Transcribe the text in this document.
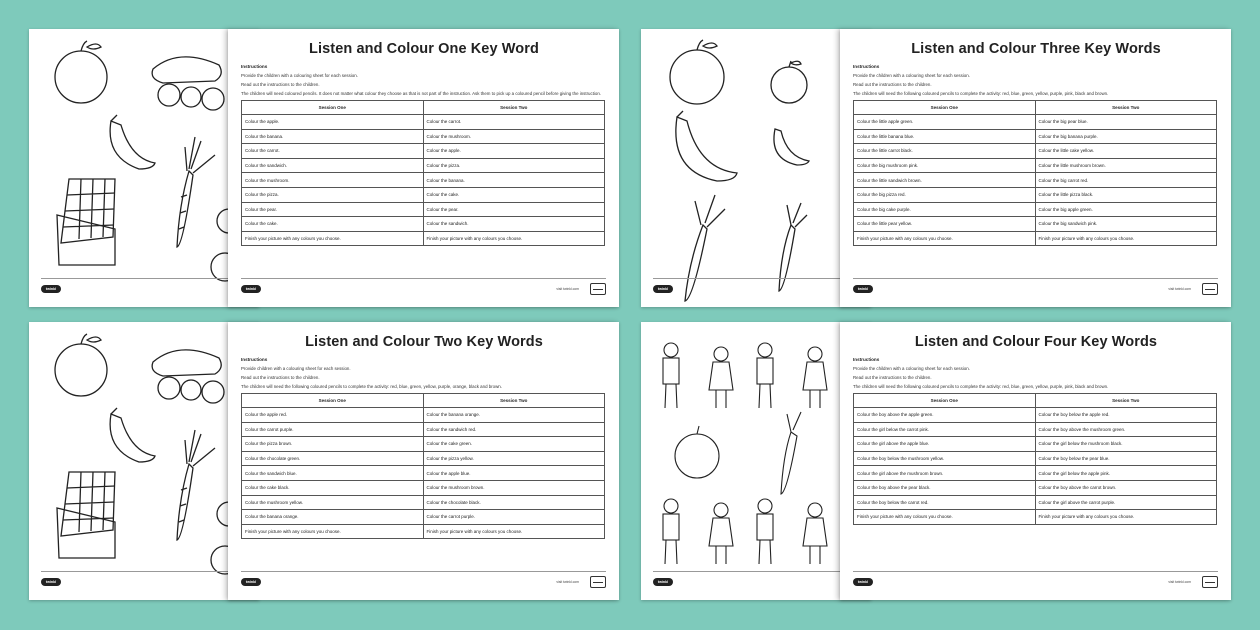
twinkl
Listen and Colour One Key Word
Instructions
Provide the children with a colouring sheet for each session.
Read out the instructions to the children.
The children will need coloured pencils. It does not matter what colour they choose as that is not part of the instruction. Ask them to pick up a coloured pencil before giving the instruction.
Session One	Session Two
Colour the apple.	Colour the carrot.
Colour the banana.	Colour the mushroom.
Colour the carrot.	Colour the apple.
Colour the sandwich.	Colour the pizza.
Colour the mushroom.	Colour the banana.
Colour the pizza.	Colour the cake.
Colour the pear.	Colour the pear.
Colour the cake.	Colour the sandwich.
Finish your picture with any colours you choose.	Finish your picture with any colours you choose.
twinkl	visit twinkl.com	twinkl
Listen and Colour Three Key Words
Instructions
Provide the children with a colouring sheet for each session.
Read out the instructions to the children.
The children will need the following coloured pencils to complete the activity: red, blue, green, yellow, purple, pink, black and brown.
Session One	Session Two
Colour the little apple green.	Colour the big pear blue.
Colour the little banana blue.	Colour the big banana purple.
Colour the little carrot black.	Colour the little cake yellow.
Colour the big mushroom pink.	Colour the little mushroom brown.
Colour the little sandwich brown.	Colour the big carrot red.
Colour the big pizza red.	Colour the little pizza black.
Colour the big cake purple.	Colour the big apple green.
Colour the little pear yellow.	Colour the big sandwich pink.
Finish your picture with any colours you choose.	Finish your picture with any colours you choose.
twinkl	visit twinkl.com
twinkl
Listen and Colour Two Key Words
Instructions
Provide children with a colouring sheet for each session.
Read out the instructions to the children.
The children will need the following coloured pencils to complete the activity: red, blue, green, yellow, purple, orange, black and brown.
Session One	Session Two
Colour the apple red.	Colour the banana orange.
Colour the carrot purple.	Colour the sandwich red.
Colour the pizza brown.	Colour the cake green.
Colour the chocolate green.	Colour the pizza yellow.
Colour the sandwich blue.	Colour the apple blue.
Colour the cake black.	Colour the mushroom brown.
Colour the mushroom yellow.	Colour the chocolate black.
Colour the banana orange.	Colour the carrot purple.
Finish your picture with any colours you choose.	Finish your picture with any colours you choose.
twinkl	visit twinkl.com	twinkl
Listen and Colour Four Key Words
Instructions
Provide the children with a colouring sheet for each session.
Read out the instructions to the children.
The children will need the following coloured pencils to complete the activity: red, blue, green, yellow, purple, pink, black and brown.
Session One	Session Two
Colour the boy above the apple green.	Colour the boy below the apple red.
Colour the girl below the carrot pink.	Colour the boy above the mushroom green.
Colour the girl above the apple blue.	Colour the girl below the mushroom black.
Colour the boy below the mushroom yellow.	Colour the boy below the pear blue.
Colour the girl above the mushroom brown.	Colour the girl below the apple pink.
Colour the boy above the pear black.	Colour the boy above the carrot brown.
Colour the boy below the carrot red.	Colour the girl above the carrot purple.
Finish your picture with any colours you choose.	Finish your picture with any colours you choose.
twinkl	visit twinkl.com
